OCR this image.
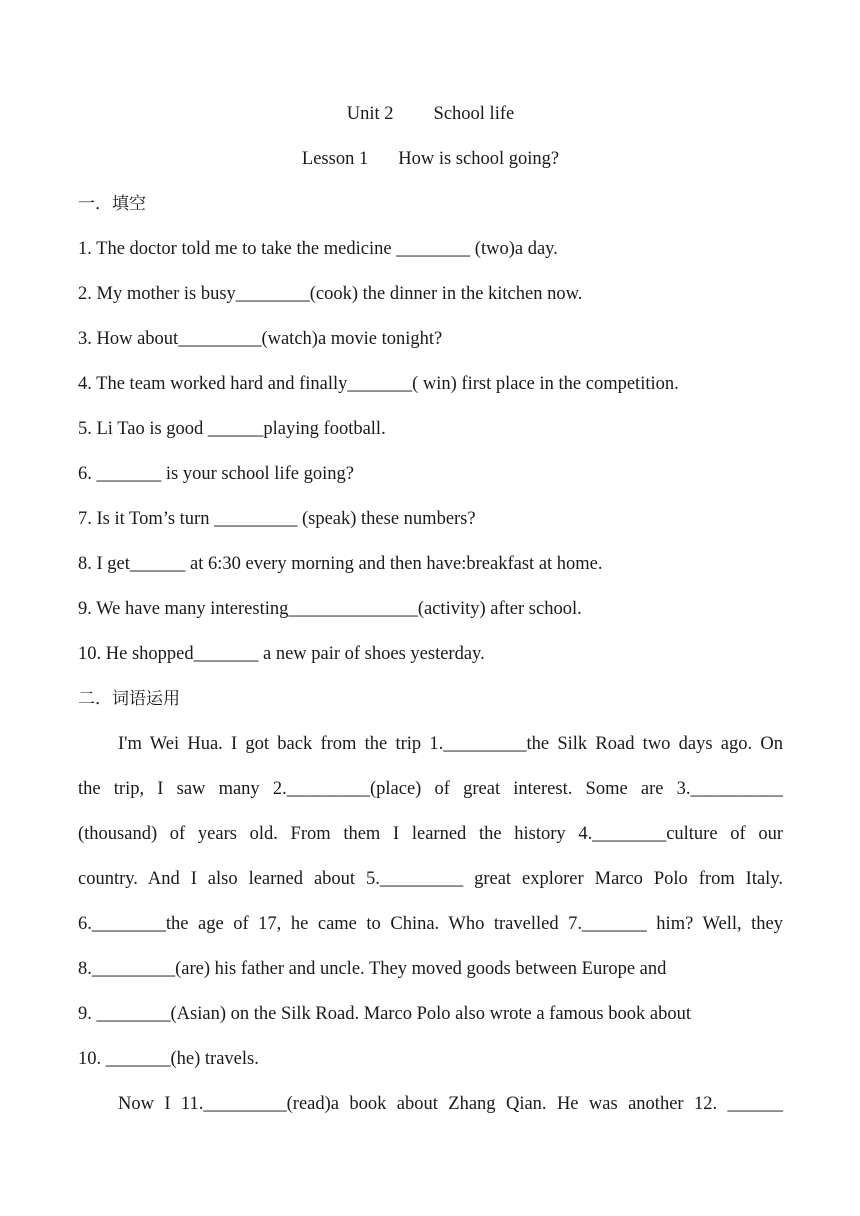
Unit 2 School life
Lesson 1 How is school going?
一．填空
1. The doctor told me to take the medicine ________ (two)a day.
2. My mother is busy________(cook) the dinner in the kitchen now.
3. How about_________(watch)a movie tonight?
4. The team worked hard and finally_______( win) first place in the competition.
5. Li Tao is good ______playing football.
6. _______ is your school life going?
7. Is it Tom’s turn _________ (speak) these numbers?
8. I get______ at 6:30 every morning and then have:breakfast at home.
9. We have many interesting______________(activity) after school.
10. He shopped_______ a new pair of shoes yesterday.
二．词语运用
I'm Wei Hua. I got back from the trip 1._________the Silk Road two days ago. On
the trip, I saw many 2._________(place) of great interest. Some are 3.__________
(thousand) of years old. From them I learned the history 4.________culture of our
country. And I also learned about 5._________ great explorer Marco Polo from Italy.
6.________the age of 17, he came to China. Who travelled 7._______ him? Well, they
8._________(are) his father and uncle. They moved goods between Europe and
9. ________(Asian) on the Silk Road. Marco Polo also wrote a famous book about
10. _______(he) travels.
Now I 11._________(read)a book about Zhang Qian. He was another 12. ______
